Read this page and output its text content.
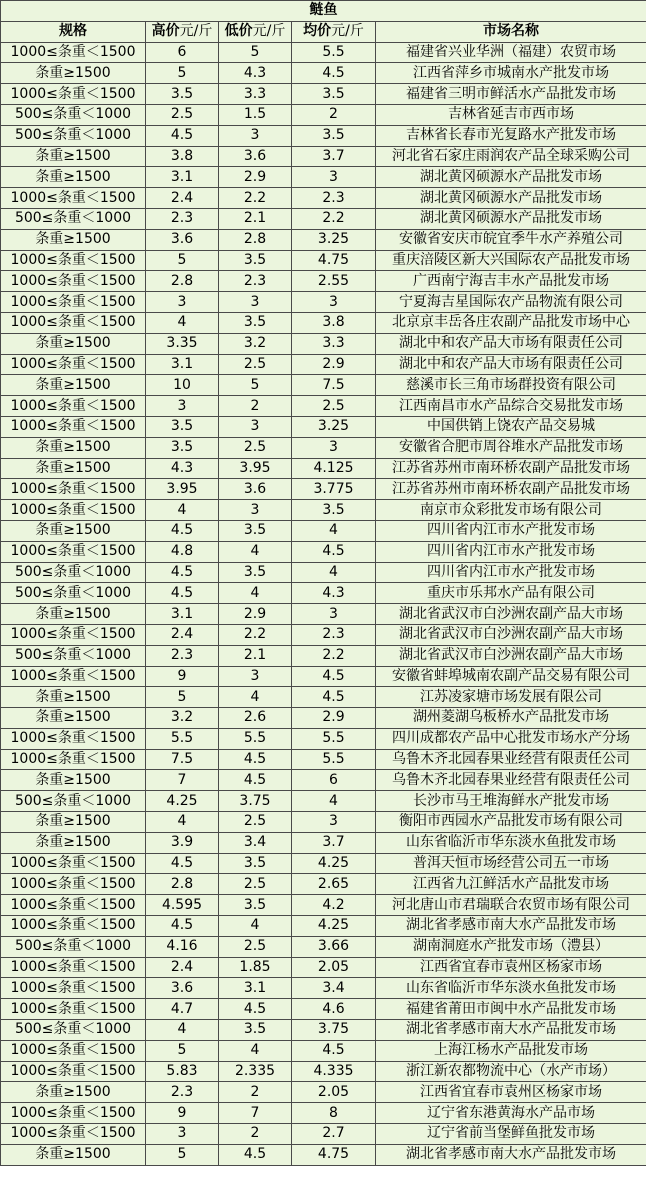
鲢鱼				
规格	高价元/斤	低价元/斤	均价元/斤	市场名称
1000≤条重＜1500	6	5	5.5	福建省兴业华洲（福建）农贸市场
条重≥1500	5	4.3	4.5	江西省萍乡市城南水产批发市场
1000≤条重＜1500	3.5	3.3	3.5	福建省三明市鲜活水产品批发市场
500≤条重＜1000	2.5	1.5	2	吉林省延吉市西市场
500≤条重＜1000	4.5	3	3.5	吉林省长春市光复路水产批发市场
条重≥1500	3.8	3.6	3.7	河北省石家庄雨润农产品全球采购公司
条重≥1500	3.1	2.9	3	湖北黄冈硕源水产品批发市场
1000≤条重＜1500	2.4	2.2	2.3	湖北黄冈硕源水产品批发市场
500≤条重＜1000	2.3	2.1	2.2	湖北黄冈硕源水产品批发市场
条重≥1500	3.6	2.8	3.25	安徽省安庆市皖宜季牛水产养殖公司
1000≤条重＜1500	5	3.5	4.75	重庆涪陵区新大兴国际农产品批发市场
1000≤条重＜1500	2.8	2.3	2.55	广西南宁海吉丰水产品批发市场
1000≤条重＜1500	3	3	3	宁夏海吉星国际农产品物流有限公司
1000≤条重＜1500	4	3.5	3.8	北京京丰岳各庄农副产品批发市场中心
条重≥1500	3.35	3.2	3.3	湖北中和农产品大市场有限责任公司
1000≤条重＜1500	3.1	2.5	2.9	湖北中和农产品大市场有限责任公司
条重≥1500	10	5	7.5	慈溪市长三角市场群投资有限公司
1000≤条重＜1500	3	2	2.5	江西南昌市水产品综合交易批发市场
1000≤条重＜1500	3.5	3	3.25	中国供销上饶农产品交易城
条重≥1500	3.5	2.5	3	安徽省合肥市周谷堆水产品批发市场
条重≥1500	4.3	3.95	4.125	江苏省苏州市南环桥农副产品批发市场
1000≤条重＜1500	3.95	3.6	3.775	江苏省苏州市南环桥农副产品批发市场
1000≤条重＜1500	4	3	3.5	南京市众彩批发市场有限公司
条重≥1500	4.5	3.5	4	四川省内江市水产批发市场
1000≤条重＜1500	4.8	4	4.5	四川省内江市水产批发市场
500≤条重＜1000	4.5	3.5	4	四川省内江市水产批发市场
500≤条重＜1000	4.5	4	4.3	重庆市乐邦水产品有限公司
条重≥1500	3.1	2.9	3	湖北省武汉市白沙洲农副产品大市场
1000≤条重＜1500	2.4	2.2	2.3	湖北省武汉市白沙洲农副产品大市场
500≤条重＜1000	2.3	2.1	2.2	湖北省武汉市白沙洲农副产品大市场
1000≤条重＜1500	9	3	4.5	安徽省蚌埠城南农副产品交易有限公司
条重≥1500	5	4	4.5	江苏凌家塘市场发展有限公司
条重≥1500	3.2	2.6	2.9	湖州菱湖乌板桥水产品批发市场
1000≤条重＜1500	5.5	5.5	5.5	四川成都农产品中心批发市场水产分场
1000≤条重＜1500	7.5	4.5	5.5	乌鲁木齐北园春果业经营有限责任公司
条重≥1500	7	4.5	6	乌鲁木齐北园春果业经营有限责任公司
500≤条重＜1000	4.25	3.75	4	长沙市马王堆海鲜水产批发市场
条重≥1500	4	2.5	3	衡阳市西园水产品批发市场有限公司
条重≥1500	3.9	3.4	3.7	山东省临沂市华东淡水鱼批发市场
1000≤条重＜1500	4.5	3.5	4.25	普洱天恒市场经营公司五一市场
1000≤条重＜1500	2.8	2.5	2.65	江西省九江鲜活水产品批发市场
1000≤条重＜1500	4.595	3.5	4.2	河北唐山市君瑞联合农贸市场有限公司
1000≤条重＜1500	4.5	4	4.25	湖北省孝感市南大水产品批发市场
500≤条重＜1000	4.16	2.5	3.66	湖南洞庭水产批发市场（澧县）
1000≤条重＜1500	2.4	1.85	2.05	江西省宜春市袁州区杨家市场
1000≤条重＜1500	3.6	3.1	3.4	山东省临沂市华东淡水鱼批发市场
1000≤条重＜1500	4.7	4.5	4.6	福建省莆田市闽中水产品批发市场
500≤条重＜1000	4	3.5	3.75	湖北省孝感市南大水产品批发市场
1000≤条重＜1500	5	4	4.5	上海江杨水产品批发市场
1000≤条重＜1500	5.83	2.335	4.335	浙江新农都物流中心（水产市场）
条重≥1500	2.3	2	2.05	江西省宜春市袁州区杨家市场
1000≤条重＜1500	9	7	8	辽宁省东港黄海水产品市场
1000≤条重＜1500	3	2	2.7	辽宁省前当堡鲜鱼批发市场
条重≥1500	5	4.5	4.75	湖北省孝感市南大水产品批发市场
